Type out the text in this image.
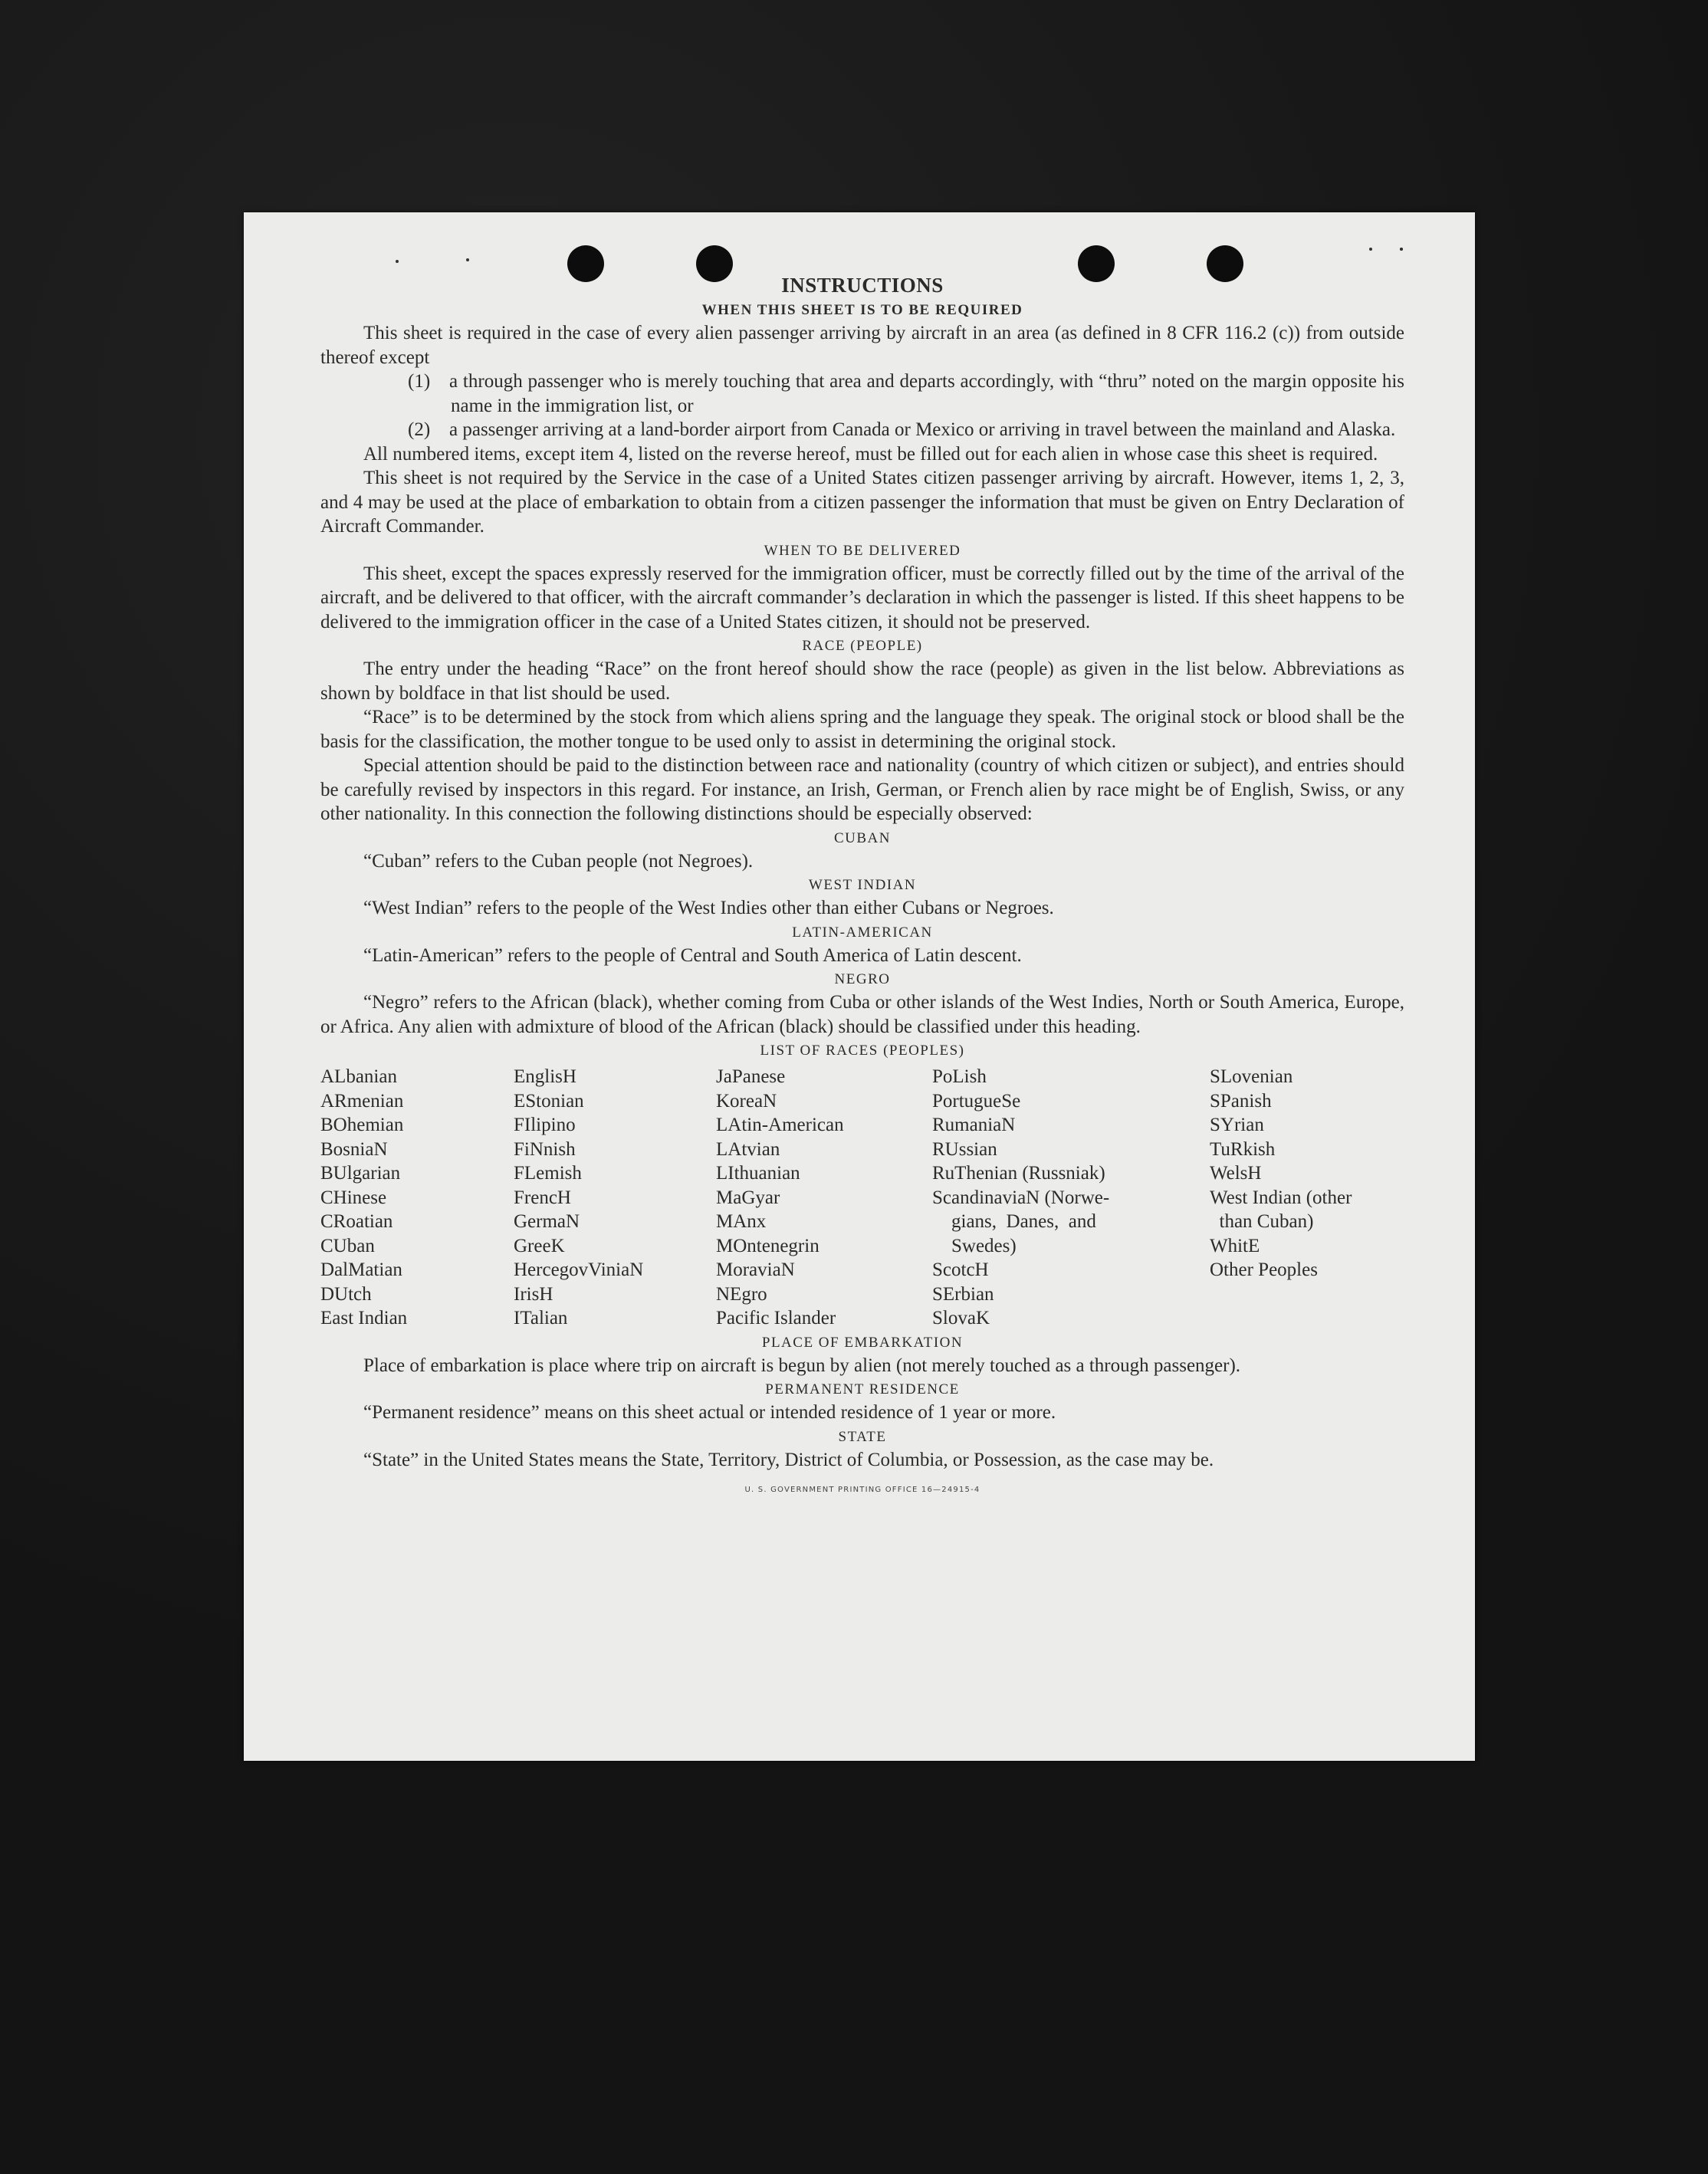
INSTRUCTIONS
WHEN THIS SHEET IS TO BE REQUIRED

This sheet is required in the case of every alien passenger arriving by aircraft in an area (as defined in 8 CFR 116.2 (c)) from outside thereof except

(1) a through passenger who is merely touching that area and departs accordingly, with “thru” noted on the margin opposite his name in the immigration list, or
(2) a passenger arriving at a land-border airport from Canada or Mexico or arriving in travel between the mainland and Alaska.

All numbered items, except item 4, listed on the reverse hereof, must be filled out for each alien in whose case this sheet is required.

This sheet is not required by the Service in the case of a United States citizen passenger arriving by aircraft. However, items 1, 2, 3, and 4 may be used at the place of embarkation to obtain from a citizen passenger the information that must be given on Entry Declaration of Aircraft Commander.

WHEN TO BE DELIVERED

This sheet, except the spaces expressly reserved for the immigration officer, must be correctly filled out by the time of the arrival of the aircraft, and be delivered to that officer, with the aircraft commander’s declaration in which the passenger is listed. If this sheet happens to be delivered to the immigration officer in the case of a United States citizen, it should not be preserved.

RACE (PEOPLE)

The entry under the heading “Race” on the front hereof should show the race (people) as given in the list below. Abbreviations as shown by boldface in that list should be used.

“Race” is to be determined by the stock from which aliens spring and the language they speak. The original stock or blood shall be the basis for the classification, the mother tongue to be used only to assist in determining the original stock.

Special attention should be paid to the distinction between race and nationality (country of which citizen or subject), and entries should be carefully revised by inspectors in this regard. For instance, an Irish, German, or French alien by race might be of English, Swiss, or any other nationality. In this connection the following distinctions should be especially observed:

CUBAN

“Cuban” refers to the Cuban people (not Negroes).

WEST INDIAN

“West Indian” refers to the people of the West Indies other than either Cubans or Negroes.

LATIN-AMERICAN

“Latin-American” refers to the people of Central and South America of Latin descent.

NEGRO

“Negro” refers to the African (black), whether coming from Cuba or other islands of the West Indies, North or South America, Europe, or Africa. Any alien with admixture of blood of the African (black) should be classified under this heading.

LIST OF RACES (PEOPLES)
ALbanian
ARmenian
BOhemian
BosniaN
BUlgarian
CHinese
CRoatian
CUban
DalMatian
DUtch
East Indian
EnglisH
EStonian
FIlipino
FiNnish
FLemish
FrencH
GermaN
GreeK
HercegovViniaN
IrisH
ITalian
JaPanese
KoreaN
LAtin-American
LAtvian
LIthuanian
MaGyar
MAnx
MOntenegrin
MoraviaN
NEgro
Pacific Islander
PoLish
PortugueSe
RumaniaN
RUssian
RuThenian (Russniak)
ScandinaviaN (Norwe-
gians,  Danes,  and
Swedes)
ScotcH
SErbian
SlovaK
SLovenian
SPanish
SYrian
TuRkish
WelsH
West Indian (other
than Cuban)
WhitE
Other Peoples
PLACE OF EMBARKATION

Place of embarkation is place where trip on aircraft is begun by alien (not merely touched as a through passenger).

PERMANENT RESIDENCE

“Permanent residence” means on this sheet actual or intended residence of 1 year or more.

STATE

“State” in the United States means the State, Territory, District of Columbia, or Possession, as the case may be.

U. S. GOVERNMENT PRINTING OFFICE 16—24915-4
